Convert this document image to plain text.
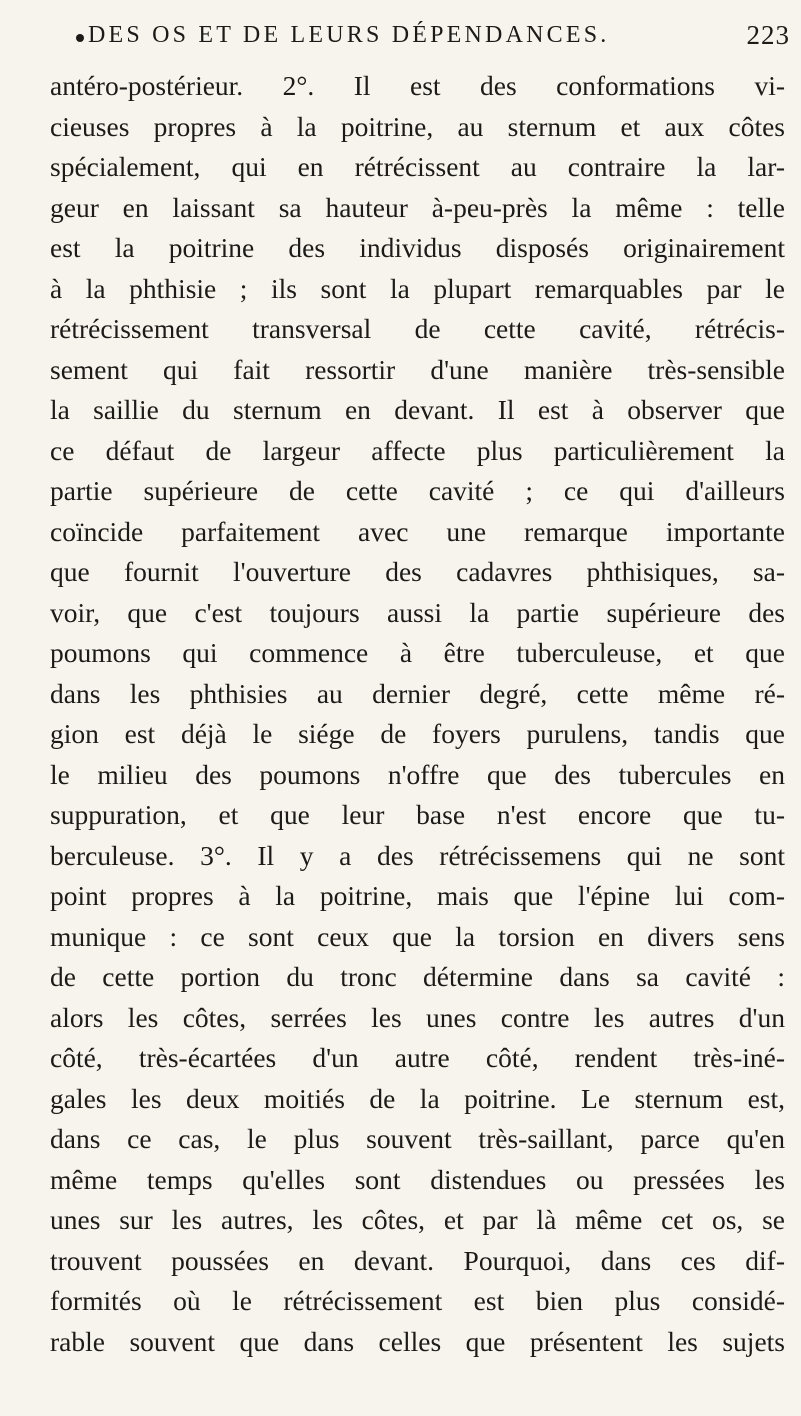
DES OS ET DE LEURS DÉPENDANCES.	223
antéro-postérieur. 2°. Il est des conformations vi-
cieuses propres à la poitrine, au sternum et aux côtes
spécialement, qui en rétrécissent au contraire la lar-
geur en laissant sa hauteur à-peu-près la même : telle
est la poitrine des individus disposés originairement
à la phthisie ; ils sont la plupart remarquables par le
rétrécissement transversal de cette cavité, rétrécis-
sement qui fait ressortir d'une manière très-sensible
la saillie du sternum en devant. Il est à observer que
ce défaut de largeur affecte plus particulièrement la
partie supérieure de cette cavité ; ce qui d'ailleurs
coïncide parfaitement avec une remarque importante
que fournit l'ouverture des cadavres phthisiques, sa-
voir, que c'est toujours aussi la partie supérieure des
poumons qui commence à être tuberculeuse, et que
dans les phthisies au dernier degré, cette même ré-
gion est déjà le siége de foyers purulens, tandis que
le milieu des poumons n'offre que des tubercules en
suppuration, et que leur base n'est encore que tu-
berculeuse. 3°. Il y a des rétrécissemens qui ne sont
point propres à la poitrine, mais que l'épine lui com-
munique : ce sont ceux que la torsion en divers sens
de cette portion du tronc détermine dans sa cavité :
alors les côtes, serrées les unes contre les autres d'un
côté, très-écartées d'un autre côté, rendent très-iné-
gales les deux moitiés de la poitrine. Le sternum est,
dans ce cas, le plus souvent très-saillant, parce qu'en
même temps qu'elles sont distendues ou pressées les
unes sur les autres, les côtes, et par là même cet os, se
trouvent poussées en devant. Pourquoi, dans ces dif-
formités où le rétrécissement est bien plus considé-
rable souvent que dans celles que présentent les sujets
